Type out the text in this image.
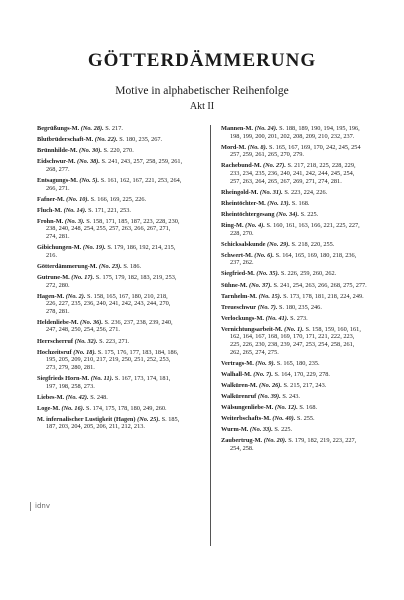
GÖTTERDÄMMERUNG
Motive in alphabetischer Reihenfolge
Akt II
Begrüßungs-M. (No. 28). S. 217.
Blutbrüderschaft-M. (No. 22). S. 180, 235, 267.
Brünnhilde-M. (No. 30). S. 220, 270.
Eidschwur-M. (No. 38). S. 241, 243, 257, 258, 259, 261,
268, 277.
Entsagungs-M. (No. 5). S. 161, 162, 167, 221, 253, 264,
266, 271.
Fafner-M. (No. 10). S. 166, 169, 225, 226.
Fluch-M. (No. 14). S. 171, 221, 253.
Frohn-M. (No. 3). S. 158, 171, 185, 187, 223, 228, 230,
238, 240, 248, 254, 255, 257, 263, 266, 267, 271,
274, 281.
Gibichungen-M. (No. 19). S. 179, 186, 192, 214, 215,
216.
Götterdämmerung-M. (No. 23). S. 186.
Gutrune-M. (No. 17). S. 175, 179, 182, 183, 219, 253,
272, 280.
Hagen-M. (No. 2). S. 158, 165, 167, 180, 210, 218,
226, 227, 235, 236, 240, 241, 242, 243, 244, 270,
278, 281.
Heldenliebe-M. (No. 36). S. 236, 237, 238, 239, 240,
247, 248, 250, 254, 256, 271.
Herrscherruf (No. 32). S. 223, 271.
Hochzeitsruf (No. 18). S. 175, 176, 177, 183, 184, 186,
195, 205, 209, 210, 217, 219, 250, 251, 252, 253,
273, 279, 280, 281.
Siegfrieds Horn-M. (No. 11). S. 167, 173, 174, 181,
197, 198, 258, 273.
Liebes-M. (No. 42). S. 248.
Loge-M. (No. 16). S. 174, 175, 178, 180, 249, 260.
M. infernalischer Lustigkeit (Hagen) (No. 25). S. 185,
187, 203, 204, 205, 206, 211, 212, 213.
Mannen-M. (No. 24). S. 188, 189, 190, 194, 195, 196,
198, 199, 200, 201, 202, 208, 209, 210, 232, 237.
Mord-M. (No. 8). S. 165, 167, 169, 170, 242, 245, 254
257, 259, 261, 265, 270, 279.
Rachebund-M. (No. 27). S. 217, 218, 225, 228, 229,
233, 234, 235, 236, 240, 241, 242, 244, 245, 254,
257, 263, 264, 265, 267, 269, 271, 274, 281.
Rheingold-M. (No. 31). S. 223, 224, 226.
Rheintöchter-M. (No. 13). S. 168.
Rheintöchtergesang (No. 34). S. 225.
Ring-M. (No. 4). S. 160, 161, 163, 166, 221, 225, 227,
228, 270.
Schicksalskunde (No. 29). S. 218, 220, 255.
Schwert-M. (No. 6). S. 164, 165, 169, 180, 218, 236,
237, 262.
Siegfried-M. (No. 35). S. 226, 259, 260, 262.
Sühne-M. (No. 37). S. 241, 254, 263, 266, 268, 275, 277.
Tarnhelm-M. (No. 15). S. 173, 178, 181, 218, 224, 249.
Treueschwur (No. 7). S. 180, 235, 246.
Verlockungs-M. (No. 41). S. 273.
Vernichtungsarbeit-M. (No. 1). S. 158, 159, 160, 161,
162, 164, 167, 168, 169, 170, 171, 221, 222, 223,
225, 226, 230, 238, 239, 247, 253, 254, 258, 261,
262, 265, 274, 275.
Vertrags-M. (No. 9). S. 165, 180, 235.
Walhall-M. (No. 7). S. 164, 170, 229, 278.
Walküren-M. (No. 26). S. 215, 217, 243.
Walkürenruf (No. 39). S. 243.
Wälsungenliebe-M. (No. 12). S. 168.
Weiterbschafts-M. (No. 40). S. 255.
Wurm-M. (No. 33). S. 225.
Zaubertrug-M. (No. 20). S. 179, 182, 219, 223, 227,
254, 258.
idnv
